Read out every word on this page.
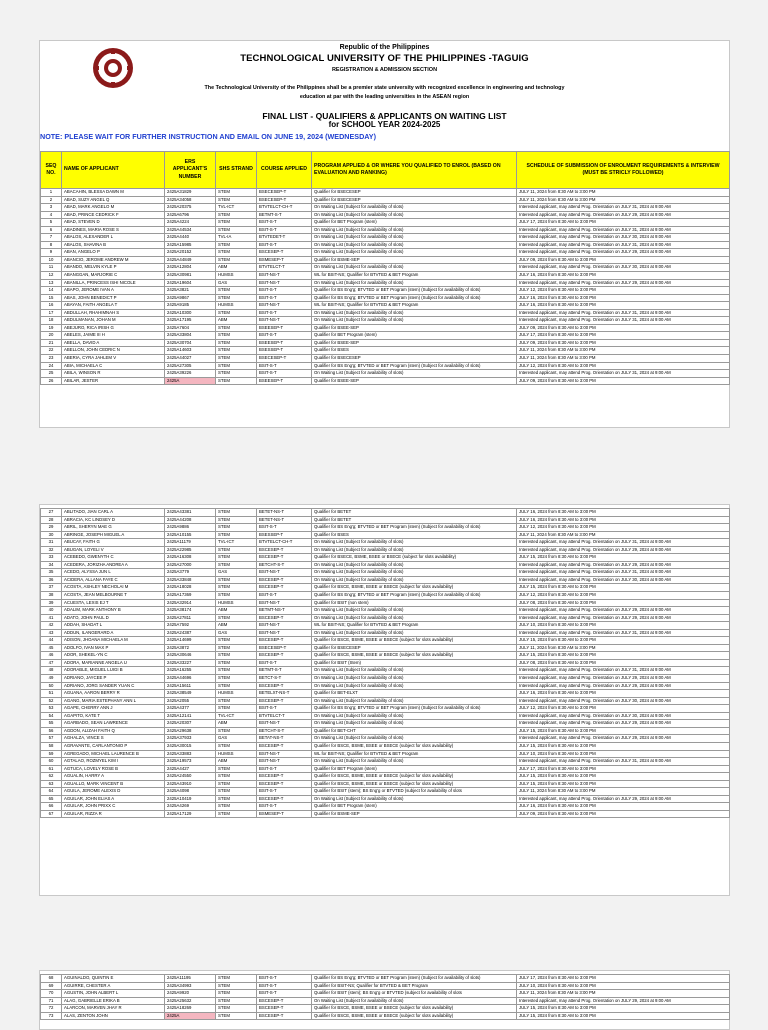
Republic of the Philippines
TECHNOLOGICAL UNIVERSITY OF THE PHILIPPINES -TAGUIG
REGISTRATION & ADMISSION SECTION
The Technological University of the Philippines shall be a premier state university with recognized excellence in engineering and technology
education at par with the leading universities in the ASEAN region
FINAL LIST - QUALIFIERS & APPLICANTS ON WAITING LIST
for SCHOOL YEAR 2024-2025
NOTE: PLEASE WAIT FOR FURTHER INSTRUCTION AND EMAIL ON JUNE 19, 2024 (WEDNESDAY)
SEQ NO.	NAME OF APPLICANT	ERS APPLICANT'S NUMBER	SHS STRAND	COURSE APPLIED	PROGRAM APPLIED & OR WHERE YOU QUALIFIED TO ENROL (BASED ON EVALUATION AND RANKING)	SCHEDULE OF SUBMISSION OF ENROLMENT REQUIREMENTS & INTERVIEW (MUST BE STRICLY FOLLOWED)
1	ABACAHIN, BLESSA DAWN M	2425A31829	STEM	BSECESEP-T	Qualifier for BSECESEP	JULY 11, 2024 from 8:30 AM to 3:00 PM
2	ABAD, SUZY ANGEL Q	2425A34058	STEM	BSECESEP-T	Qualifier for BSECESEP	JULY 11, 2024 from 8:30 AM to 3:00 PM
3	ABAD, MARK ANGELO M	2425A20375	TVL-ICT	BTVTELCT-CH-T	On Waiting List (Subject for availability of slots)	Interested applicant, may attend Prog. Orientation on JULY 31, 2024 at 9:00 AM
4	ABAD, PRINCE CEDRICK F	2425A6796	STEM	BETMT-S-T	On Waiting List (Subject for availability of slots)	Interested applicant, may attend Prog. Orientation on JULY 29, 2024 at 9:00 AM
5	ABAD, STEVEN D	2425A4224	STEM	BSIT-S-T	Qualifier for BET Program (stem)	JULY 17, 2024 from 8:30 AM to 3:00 PM
6	ABADINES, MARIA ROSE S	2425A44534	STEM	BSIT-S-T	On Waiting List (Subject for availability of slots)	Interested applicant, may attend Prog. Orientation on JULY 31, 2024 at 9:00 AM
7	ABALOS, ALEXANDER L	2425A4440	TVL-IA	BTVTEDET-T	On Waiting List (Subject for availability of slots)	Interested applicant, may attend Prog. Orientation on JULY 30, 2024 at 9:00 AM
8	ABALOS, SHAVINA B	2425A15985	STEM	BSIT-S-T	On Waiting List (Subject for availability of slots)	Interested applicant, may attend Prog. Orientation on JULY 31, 2024 at 9:00 AM
9	ABAN, ANGELO P	2425A20152	STEM	BSCESEP-T	On Waiting List (Subject for availability of slots)	Interested applicant, may attend Prog. Orientation on JULY 29, 2024 at 9:00 AM
10	ABANCIO, JEROME ANDREW M	2425A44849	STEM	BSMESEP-T	Qualifier for BSME-SEP	JULY 09, 2024 from 8:30 AM to 3:00 PM
11	ABANDO, MELVIN KYLE P	2425A12804	ABM	BTVTELCT-T	On Waiting List (Subject for availability of slots)	Interested applicant, may attend Prog. Orientation on JULY 30, 2024 at 9:00 AM
12	ABANGGAN, MARJORIE C	2425A30981	HUMSS	BSIT-NS-T	WL for BSIT-NS; Qualifier for BTVTED & BET Program	JULY 16, 2024 from 8:30 AM to 3:00 PM
13	ABANILLA, PRINCESS ISHI NICOLE	2425A19604	GAS	BSIT-NS-T	On Waiting List (Subject for availability of slots)	Interested applicant, may attend Prog. Orientation on JULY 29, 2024 at 9:00 AM
14	ABAPO, JEROME IVAN A	2425A3821	STEM	BSIT-S-T	Qualifier for BS Eng'g; BTVTED or BET Program (stem) (Subject for availability of slots)	JULY 12, 2024 from 8:30 AM to 3:00 PM
15	ABAS, JOHN BENEDICT P	2425A9867	STEM	BSIT-S-T	Qualifier for BS Eng'g; BTVTED or BET Program (stem) (Subject for availability of slots)	JULY 16, 2024 from 8:30 AM to 3:00 PM
16	ABAYAN, FAITH ANGELA T	2425A9185	HUMSS	BSIT-NS-T	WL for BSIT-NS; Qualifier for BTVTED & BET Program	JULY 16, 2024 from 8:30 AM to 3:00 PM
17	ABDULLAH, RHAHIMNAH S	2425A10300	STEM	BSIT-S-T	On Waiting List (Subject for availability of slots)	Interested applicant, may attend Prog. Orientation on JULY 31, 2024 at 9:00 AM
18	ABDULMANAN, JOHAN M	2425A17195	ABM	BSIT-NS-T	On Waiting List (Subject for availability of slots)	Interested applicant, may attend Prog. Orientation on JULY 31, 2024 at 9:00 AM
19	ABEJURO, RICA IRISH G	2425A7604	STEM	BSEESEP-T	Qualifier for BSEE-SEP	JULY 09, 2024 from 8:30 AM to 3:00 PM
20	ABELES, JAIME III H	2425A33804	STEM	BSIT-S-T	Qualifier for BET Program (stem)	JULY 17, 2024 from 8:30 AM to 3:00 PM
21	ABELLA, DAVID A	2425A30704	STEM	BSEESEP-T	Qualifier for BSEE-SEP	JULY 09, 2024 from 8:30 AM to 3:00 PM
22	ABELLON, JOHN CEDRIC N	2425A14603	STEM	BSESSEP-T	Qualifier for BSES	JULY 11, 2024 from 8:30 AM to 3:00 PM
23	ABERIA, CYRA JAHLEM V	2425A44027	STEM	BSECESEP-T	Qualifier for BSECESEP	JULY 11, 2024 from 8:30 AM to 3:00 PM
24	ABIA, MICHAELA C	2425A27305	STEM	BSIT-S-T	Qualifier for BS Eng'g; BTVTED or BET Program (stem) (Subject for availability of slots)	JULY 12, 2024 from 8:30 AM to 3:00 PM
25	ABILA, WINSON R	2425A39226	STEM	BSIT-S-T	On Waiting List (Subject for availability of slots)	Interested applicant, may attend Prog. Orientation on JULY 31, 2024 at 9:00 AM
26	ABILAR, JESTER	2425A	STEM	BSEESEP-T	Qualifier for BSEE-SEP	JULY 09, 2024 from 8:30 AM to 3:00 PM
27	ABLITADO, JIAN CARL A	2425A43381	STEM	BETET-NS-T	Qualifier for BETET	JULY 16, 2024 from 8:30 AM to 3:00 PM
28	ABRACIA, KC LINDSEY D	2425A44208	STEM	BETET-NS-T	Qualifier for BETET	JULY 16, 2024 from 8:30 AM to 3:00 PM
29	ABRIL, SHERYN MAE G	2425A9886	STEM	BSIT-S-T	Qualifier for BS Eng'g; BTVTED or BET Program (stem) (Subject for availability of slots)	JULY 12, 2024 from 8:30 AM to 3:00 PM
30	ABRINGE, JOSEPH MIGUEL A	2425A10155	STEM	BSESSEP-T	Qualifier for BSES	JULY 11, 2024 from 8:30 AM to 3:00 PM
31	ABUCAY, FAITH G	2425A11179	TVL-ICT	BTVTELCT-CH-T	On Waiting List (Subject for availability of slots)	Interested applicant, may attend Prog. Orientation on JULY 31, 2024 at 9:00 AM
32	ABUGAN, LOYELI V	2425A22985	STEM	BSCESEP-T	On Waiting List (Subject for availability of slots)	Interested applicant, may attend Prog. Orientation on JULY 29, 2024 at 9:00 AM
33	ACEBEDO, GWENYTH C	2425A16308	STEM	BSCESEP-T	Qualifier for BSECE, BSME, BSEE or BSECE (subject for slots availability)	JULY 15, 2024 from 8:30 AM to 3:00 PM
34	ACEDERA, JORIZHA ANDREA A	2425A27000	STEM	BETCHT-S-T	On Waiting List (Subject for availability of slots)	Interested applicant, may attend Prog. Orientation on JULY 29, 2024 at 9:00 AM
35	ACEDO, ALYSSA JUN L	2425A3779	GAS	BSIT-NS-T	On Waiting List (Subject for availability of slots)	Interested applicant, may attend Prog. Orientation on JULY 31, 2024 at 9:00 AM
36	ACIDERA, ALLANA FAYE C	2425A33848	STEM	BSCESEP-T	On Waiting List (Subject for availability of slots)	Interested applicant, may attend Prog. Orientation on JULY 30, 2024 at 9:00 AM
37	ACOSTA, ASHLEY NECHOLAI M	2425A18028	STEM	BSCESEP-T	Qualifier for BSCE, BSME, BSEE or BSECE (subject for slots availability)	JULY 15, 2024 from 8:30 AM to 3:00 PM
38	ACOSTA, JEAN MELBOURNE T	2425A17369	STEM	BSIT-S-T	Qualifier for BS Eng'g; BTVTED or BET Program (stem) (Subject for availability of slots)	JULY 12, 2024 from 8:30 AM to 3:00 PM
39	ACUESTA, LEXIS EJ T	2425A32914	HUMSS	BSIT-NS-T	Qualifier for BSIT (non stem)	JULY 08, 2024 from 8:30 AM to 3:00 PM
40	ADALIM, MARK ANTHONY B	2425A38174	ABM	BETMT-NS-T	On Waiting List (Subject for availability of slots)	Interested applicant, may attend Prog. Orientation on JULY 29, 2024 at 9:00 AM
41	ADATO, JOHN PAUL D	2425A27811	STEM	BSCESEP-T	On Waiting List (Subject for availability of slots)	Interested applicant, may attend Prog. Orientation on JULY 29, 2024 at 9:00 AM
42	ADDAH, SHADAT L	2425A7592	ABM	BSIT-NS-T	WL for BSIT-NS; Qualifier for BTVTED & BET Program	JULY 10, 2024 from 8:30 AM to 3:00 PM
43	ADDUN, ILANGERARD A	2425A24387	GAS	BSIT-NS-T	On Waiting List (Subject for availability of slots)	Interested applicant, may attend Prog. Orientation on JULY 31, 2024 at 9:00 AM
44	ADISON, JHOANA MICHAELA M	2425A14699	STEM	BSCESEP-T	Qualifier for BSCE, BSME, BSEE or BSECE (subject for slots availability)	JULY 15, 2024 from 8:30 AM to 3:00 PM
45	ADOLFO, IVAN MAX P	2425A3872	STEM	BSECESEP-T	Qualifier for BSECESEP	JULY 11, 2024 from 8:30 AM to 3:00 PM
46	ADOR, SHEKEL-YN C	2425A30646	STEM	BSCESEP-T	Qualifier for BSCE, BSME, BSEE or BSECE (subject for slots availability)	JULY 15, 2024 from 8:30 AM to 3:00 PM
47	ADORA, MARIANNE ANGELA U	2425A33227	STEM	BSIT-S-T	Qualifier for BSIT (Stem)	JULY 08, 2024 from 8:30 AM to 3:00 PM
48	ADORABLE, MIGUEL LUIGI B	2425A16255	STEM	BETMT-S-T	On Waiting List (Subject for availability of slots)	Interested applicant, may attend Prog. Orientation on JULY 31, 2024 at 9:00 AM
49	ADRIANO, JAYCEE P	2425A44696	STEM	BETCT-S-T	On Waiting List (Subject for availability of slots)	Interested applicant, may attend Prog. Orientation on JULY 29, 2024 at 9:00 AM
50	ADRIANO, JORG SANDER YUAN C	2425A15611	STEM	BSCESEP-T	On Waiting List (Subject for availability of slots)	Interested applicant, may attend Prog. Orientation on JULY 29, 2024 at 9:00 AM
51	AGUANA, AARON BERRY R	2425A38549	HUMSS	BETELXT-NS-T	Qualifier for BET-ELXT	JULY 16, 2024 from 8:30 AM to 3:00 PM
52	AGANG, MARIA ESTEPHANY ANN L	2425A2055	STEM	BSCESEP-T	On Waiting List (Subject for availability of slots)	Interested applicant, may attend Prog. Orientation on JULY 30, 2024 at 9:00 AM
53	AGAPE, CHERRY ANN J	2425A4377	STEM	BSIT-S-T	Qualifier for BS Eng'g; BTVTED or BET Program (stem) (Subject for availability of slots)	JULY 12, 2024 from 8:30 AM to 3:00 PM
54	AGAPITO, KATE T	2425A12141	TVL-ICT	BTVTELCT-T	On Waiting List (Subject for availability of slots)	Interested applicant, may attend Prog. Orientation on JULY 30, 2024 at 9:00 AM
55	AGARBADO, SEAN LAWRENCE	2425A20307	ABM	BSIT-NS-T	On Waiting List (Subject for availability of slots)	Interested applicant, may attend Prog. Orientation on JULY 29, 2024 at 9:00 AM
56	AGDON, ALIZAH FAITH Q	2425A29638	STEM	BETCHT-S-T	Qualifier for BET-CHT	JULY 15, 2024 from 8:30 AM to 3:00 PM
57	AGHALZA, VINCE S	2425A37933	GAS	BETAT-NS-T	On Waiting List (Subject for availability of slots)	Interested applicant, may attend Prog. Orientation on JULY 29, 2024 at 9:00 AM
58	AGRAVANTE, CARLANTONIO P	2425A30015	STEM	BSCESEP-T	Qualifier for BSCE, BSME, BSEE or BSECE (subject for slots availability)	JULY 15, 2024 from 8:30 AM to 3:00 PM
59	AGREGADO, MICHAEL LAURENCE B	2425A33883	HUMSS	BSIT-NS-T	WL for BSIT-NS; Qualifier for BTVTED & BET Program	JULY 10, 2024 from 8:30 AM to 3:00 PM
60	AGTALAO, ROZMYEL KIM I	2425A19573	ABM	BSIT-NS-T	On Waiting List (Subject for availability of slots)	Interested applicant, may attend Prog. Orientation on JULY 31, 2024 at 9:00 AM
61	AGTUCA, LOVELY ROSE B	2425A4427	STEM	BSIT-S-T	Qualifier for BET Program (stem)	JULY 17, 2024 from 8:30 AM to 3:00 PM
62	AGUALIN, HARRY A	2425A24550	STEM	BSCESEP-T	Qualifier for BSCE, BSME, BSEE or BSECE (subject for slots availability)	JULY 15, 2024 from 8:30 AM to 3:00 PM
63	AGUALLO, MARK VINCENT B	2425A43910	STEM	BSCESEP-T	Qualifier for BSCE, BSME, BSEE or BSECE (subject for slots availability)	JULY 15, 2024 from 8:30 AM to 3:00 PM
64	AGUILA, JEROME ALEXIS D	2425A4098	STEM	BSIT-S-T	Qualifier for BSIT (stem); BS Eng'g or BTVTED (subject for availability of slots	JULY 11, 2024 from 8:30 AM to 3:00 PM
65	AGUILAR, JOHN ELIAS A	2425A10419	STEM	BSCESEP-T	On Waiting List (Subject for availability of slots)	Interested applicant, may attend Prog. Orientation on JULY 29, 2024 at 9:00 AM
66	AGUILAR, JOHN PRIXX C	2425A4269	STEM	BSIT-S-T	Qualifier for BET Program (stem)	JULY 16, 2024 from 8:30 AM to 3:00 PM
67	AGUILAR, RIZZA R	2425A17129	STEM	BSMESEP-T	Qualifier for BSME-SEP	JULY 09, 2024 from 8:30 AM to 3:00 PM
68	AGUINALDO, QUINTIN E	2425A11195	STEM	BSIT-S-T	Qualifier for BS Eng'g; BTVTED or BET Program (stem) (Subject for availability of slots)	JULY 17, 2024 from 8:30 AM to 3:00 PM
69	AGUIRRE, CHESTER A	2425A34993	STEM	BSIT-S-T	Qualifier for BSIT-NS; Qualifier for BTVTED & BET Program	JULY 10, 2024 from 8:30 AM to 3:00 PM
70	AGUSTIN, JOHN ALBERT L	2425A9920	STEM	BSIT-S-T	Qualifier for BSIT (stem); BS Eng'g or BTVTED (subject for availability of slots	JULY 11, 2024 from 8:30 AM to 3:00 PM
71	ALAG, GABRIELLE ERIKA B	2425A25632	STEM	BSCESEP-T	On Waiting List (Subject for availability of slots)	Interested applicant, may attend Prog. Orientation on JULY 29, 2024 at 9:00 AM
72	ALARCON, MARVEN JHAY R	2425A18269	STEM	BSCESEP-T	Qualifier for BSCE, BSME, BSEE or BSECE (subject for slots availability)	JULY 15, 2024 from 8:30 AM to 3:00 PM
73	ALAS, ZENTON JOHN	2425A	STEM	BSCESEP-T	Qualifier for BSCE, BSME, BSEE or BSECE (subject for slots availability)	JULY 15, 2024 from 8:30 AM to 3:00 PM
